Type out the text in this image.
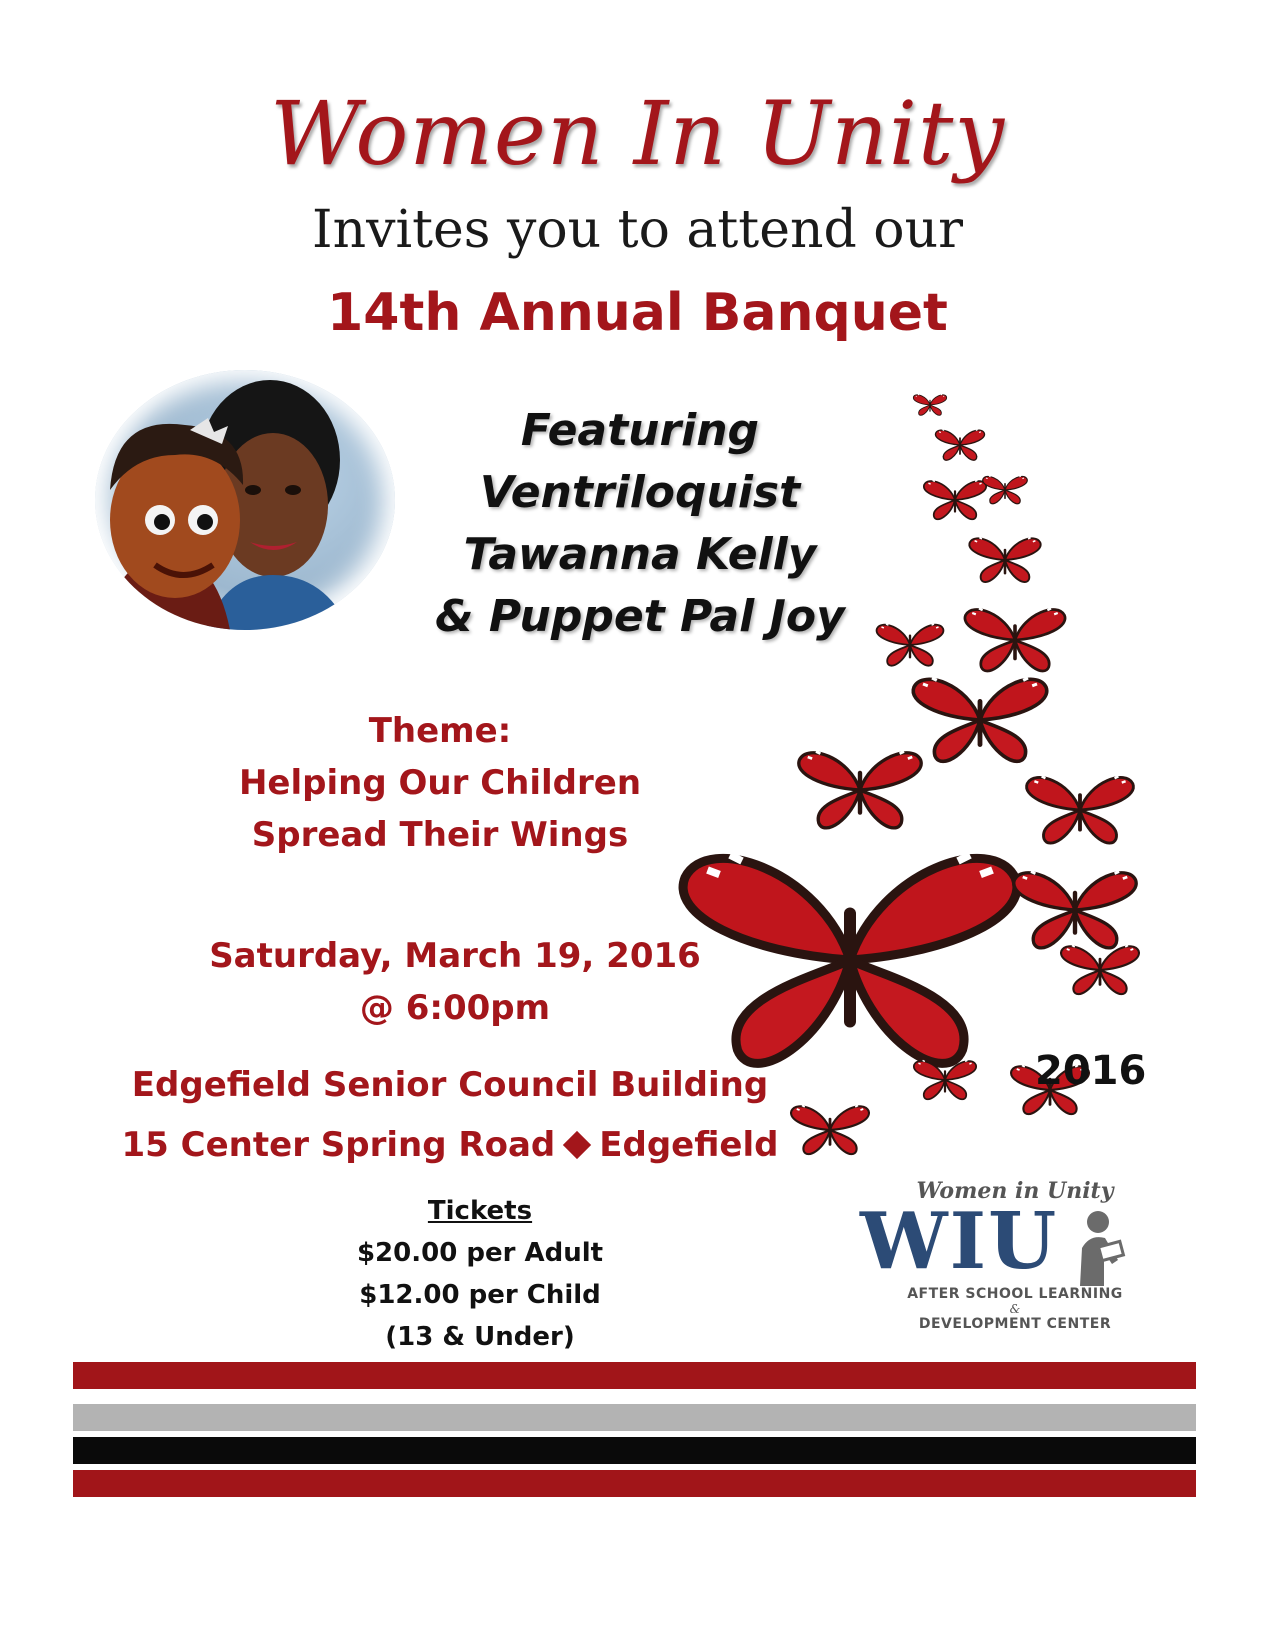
Women In Unity
Invites you to attend our
14th Annual Banquet
Featuring
Ventriloquist
Tawanna Kelly
& Puppet Pal Joy
Theme:
Helping Our Children
Spread Their Wings
Saturday, March 19, 2016
@ 6:00pm
Edgefield Senior Council Building
15 Center Spring Road Edgefield
2016
Tickets
$20.00 per Adult
$12.00 per Child
(13 & Under)
Women in Unity
WIU
AFTER SCHOOL LEARNING
&
DEVELOPMENT CENTER
